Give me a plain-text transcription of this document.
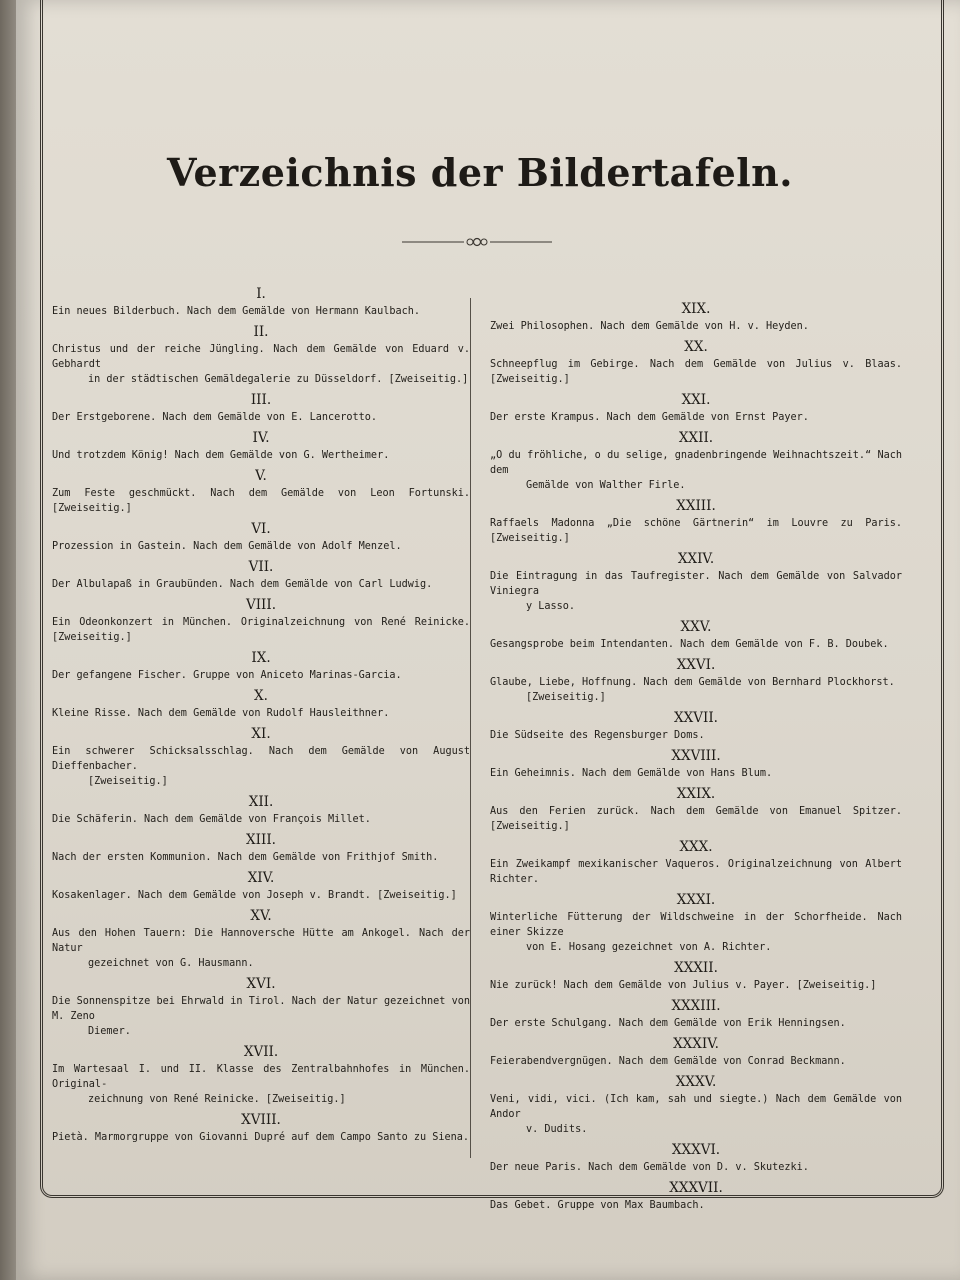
Verzeichnis der Bildertafeln.
I.
Ein neues Bilderbuch. Nach dem Gemälde von Hermann Kaulbach.
II.
Christus und der reiche Jüngling. Nach dem Gemälde von Eduard v. Gebhardt
in der städtischen Gemäldegalerie zu Düsseldorf. [Zweiseitig.]
III.
Der Erstgeborene. Nach dem Gemälde von E. Lancerotto.
IV.
Und trotzdem König! Nach dem Gemälde von G. Wertheimer.
V.
Zum Feste geschmückt. Nach dem Gemälde von Leon Fortunski. [Zweiseitig.]
VI.
Prozession in Gastein. Nach dem Gemälde von Adolf Menzel.
VII.
Der Albulapaß in Graubünden. Nach dem Gemälde von Carl Ludwig.
VIII.
Ein Odeonkonzert in München. Originalzeichnung von René Reinicke. [Zweiseitig.]
IX.
Der gefangene Fischer. Gruppe von Aniceto Marinas-Garcia.
X.
Kleine Risse. Nach dem Gemälde von Rudolf Hausleithner.
XI.
Ein schwerer Schicksalsschlag. Nach dem Gemälde von August Dieffenbacher.
[Zweiseitig.]
XII.
Die Schäferin. Nach dem Gemälde von François Millet.
XIII.
Nach der ersten Kommunion. Nach dem Gemälde von Frithjof Smith.
XIV.
Kosakenlager. Nach dem Gemälde von Joseph v. Brandt. [Zweiseitig.]
XV.
Aus den Hohen Tauern: Die Hannoversche Hütte am Ankogel. Nach der Natur
gezeichnet von G. Hausmann.
XVI.
Die Sonnenspitze bei Ehrwald in Tirol. Nach der Natur gezeichnet von M. Zeno
Diemer.
XVII.
Im Wartesaal I. und II. Klasse des Zentralbahnhofes in München. Original-
zeichnung von René Reinicke. [Zweiseitig.]
XVIII.
Pietà. Marmorgruppe von Giovanni Dupré auf dem Campo Santo zu Siena.
XIX.
Zwei Philosophen. Nach dem Gemälde von H. v. Heyden.
XX.
Schneepflug im Gebirge. Nach dem Gemälde von Julius v. Blaas. [Zweiseitig.]
XXI.
Der erste Krampus. Nach dem Gemälde von Ernst Payer.
XXII.
„O du fröhliche, o du selige, gnadenbringende Weihnachtszeit.“ Nach dem
Gemälde von Walther Firle.
XXIII.
Raffaels Madonna „Die schöne Gärtnerin“ im Louvre zu Paris. [Zweiseitig.]
XXIV.
Die Eintragung in das Taufregister. Nach dem Gemälde von Salvador Viniegra
y Lasso.
XXV.
Gesangsprobe beim Intendanten. Nach dem Gemälde von F. B. Doubek.
XXVI.
Glaube, Liebe, Hoffnung. Nach dem Gemälde von Bernhard Plockhorst.
[Zweiseitig.]
XXVII.
Die Südseite des Regensburger Doms.
XXVIII.
Ein Geheimnis. Nach dem Gemälde von Hans Blum.
XXIX.
Aus den Ferien zurück. Nach dem Gemälde von Emanuel Spitzer. [Zweiseitig.]
XXX.
Ein Zweikampf mexikanischer Vaqueros. Originalzeichnung von Albert Richter.
XXXI.
Winterliche Fütterung der Wildschweine in der Schorfheide. Nach einer Skizze
von E. Hosang gezeichnet von A. Richter.
XXXII.
Nie zurück! Nach dem Gemälde von Julius v. Payer. [Zweiseitig.]
XXXIII.
Der erste Schulgang. Nach dem Gemälde von Erik Henningsen.
XXXIV.
Feierabendvergnügen. Nach dem Gemälde von Conrad Beckmann.
XXXV.
Veni, vidi, vici. (Ich kam, sah und siegte.) Nach dem Gemälde von Andor
v. Dudits.
XXXVI.
Der neue Paris. Nach dem Gemälde von D. v. Skutezki.
XXXVII.
Das Gebet. Gruppe von Max Baumbach.
